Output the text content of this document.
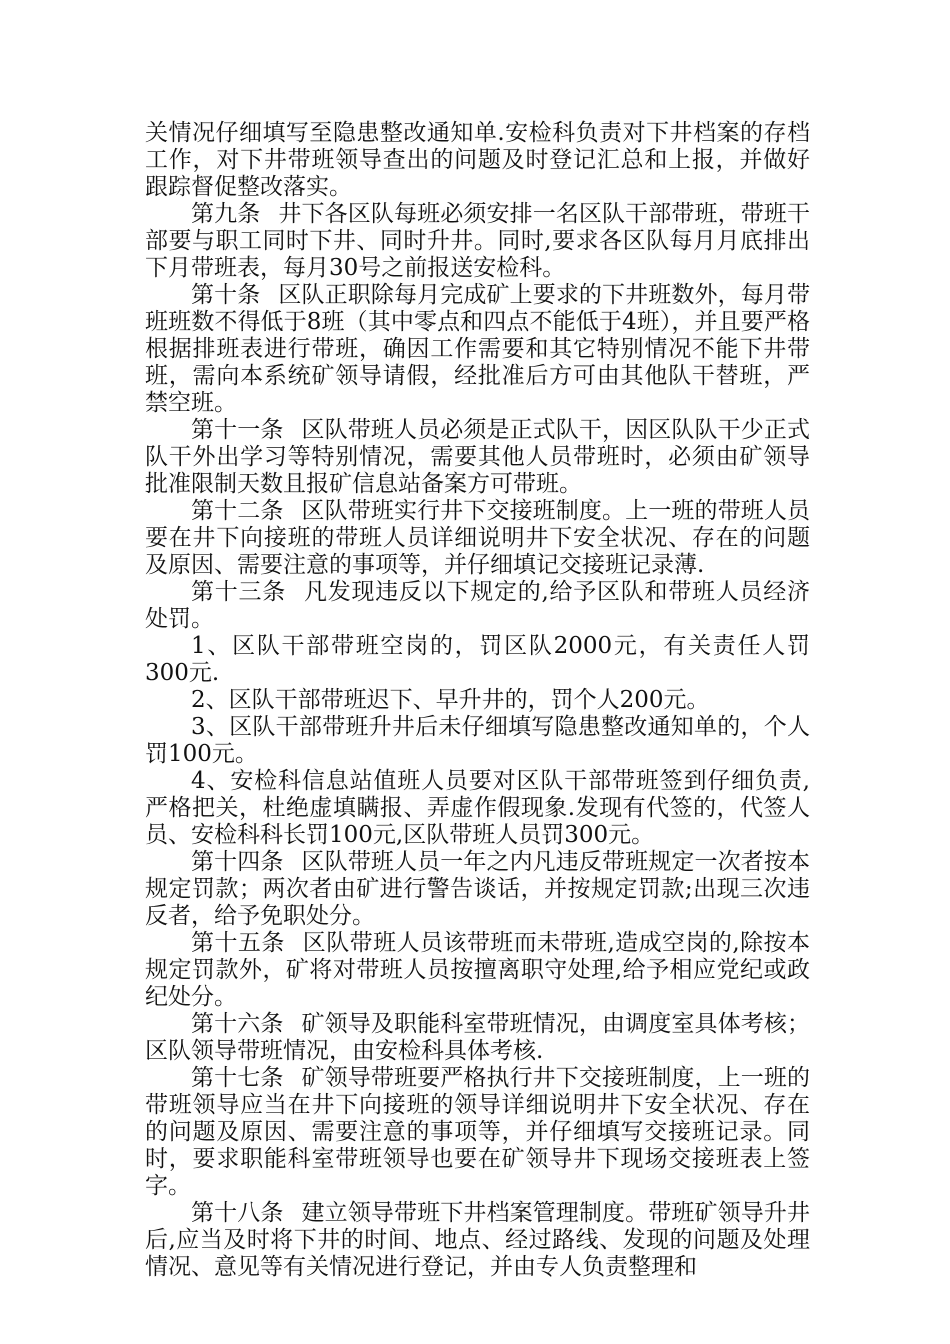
关情况仔细填写至隐患整改通知单.安检科负责对下井档案的存档工作，对下井带班领导查出的问题及时登记汇总和上报，并做好跟踪督促整改落实。

第九条 井下各区队每班必须安排一名区队干部带班，带班干部要与职工同时下井、同时升井。同时,要求各区队每月月底排出下月带班表，每月30号之前报送安检科。

第十条 区队正职除每月完成矿上要求的下井班数外，每月带班班数不得低于8班（其中零点和四点不能低于4班），并且要严格根据排班表进行带班，确因工作需要和其它特别情况不能下井带班，需向本系统矿领导请假，经批准后方可由其他队干替班，严禁空班。

第十一条 区队带班人员必须是正式队干，因区队队干少正式队干外出学习等特别情况，需要其他人员带班时，必须由矿领导批准限制天数且报矿信息站备案方可带班。

第十二条 区队带班实行井下交接班制度。上一班的带班人员要在井下向接班的带班人员详细说明井下安全状况、存在的问题及原因、需要注意的事项等，并仔细填记交接班记录薄.

第十三条 凡发现违反以下规定的,给予区队和带班人员经济处罚。

1、区队干部带班空岗的，罚区队2000元，有关责任人罚300元.

2、区队干部带班迟下、早升井的，罚个人200元。

3、区队干部带班升井后未仔细填写隐患整改通知单的，个人罚100元。

4、安检科信息站值班人员要对区队干部带班签到仔细负责,严格把关，杜绝虚填瞒报、弄虚作假现象.发现有代签的，代签人员、安检科科长罚100元,区队带班人员罚300元。

第十四条 区队带班人员一年之内凡违反带班规定一次者按本规定罚款；两次者由矿进行警告谈话，并按规定罚款;出现三次违反者，给予免职处分。

第十五条 区队带班人员该带班而未带班,造成空岗的,除按本规定罚款外，矿将对带班人员按擅离职守处理,给予相应党纪或政纪处分。

第十六条 矿领导及职能科室带班情况，由调度室具体考核；区队领导带班情况，由安检科具体考核.

第十七条 矿领导带班要严格执行井下交接班制度，上一班的带班领导应当在井下向接班的领导详细说明井下安全状况、存在的问题及原因、需要注意的事项等，并仔细填写交接班记录。同时，要求职能科室带班领导也要在矿领导井下现场交接班表上签字。

第十八条 建立领导带班下井档案管理制度。带班矿领导升井后,应当及时将下井的时间、地点、经过路线、发现的问题及处理情况、意见等有关情况进行登记，并由专人负责整理和
